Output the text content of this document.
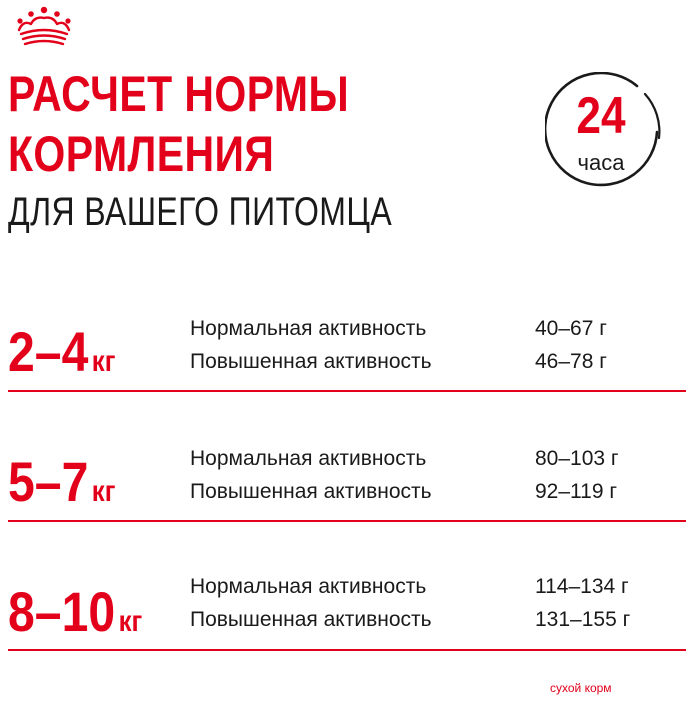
РАСЧЕТ НОРМЫ
КОРМЛЕНИЯ
ДЛЯ ВАШЕГО ПИТОМЦА
24
часа
2–4 кг
Нормальная активность	40–67 г
Повышенная активность	46–78 г
5–7 кг
Нормальная активность	80–103 г
Повышенная активность	92–119 г
8–10 кг
Нормальная активность	114–134 г
Повышенная активность	131–155 г
сухой корм
